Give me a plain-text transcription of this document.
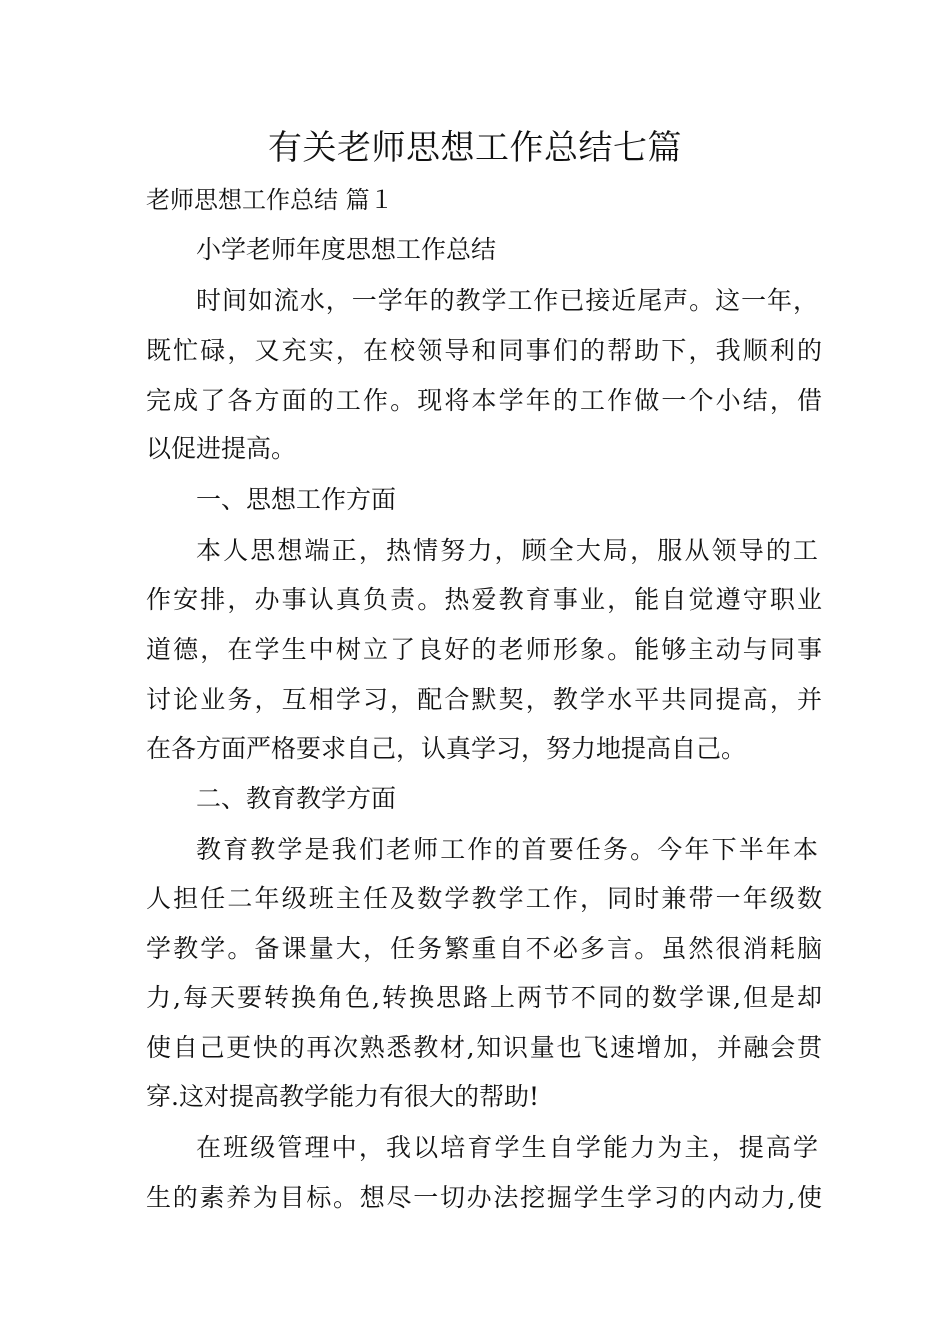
有关老师思想工作总结七篇

老师思想工作总结 篇１

小学老师年度思想工作总结

时间如流水，一学年的教学工作已接近尾声。这一年，

既忙碌，又充实，在校领导和同事们的帮助下，我顺利的

完成了各方面的工作。现将本学年的工作做一个小结，借

以促进提高。

一、思想工作方面

本人思想端正，热情努力，顾全大局，服从领导的工

作安排，办事认真负责。热爱教育事业，能自觉遵守职业

道德，在学生中树立了良好的老师形象。能够主动与同事

讨论业务，互相学习，配合默契，教学水平共同提高，并

在各方面严格要求自己，认真学习，努力地提高自己。

二、教育教学方面

教育教学是我们老师工作的首要任务。今年下半年本

人担任二年级班主任及数学教学工作，同时兼带一年级数

学教学。备课量大，任务繁重自不必多言。虽然很消耗脑

力,每天要转换角色,转换思路上两节不同的数学课,但是却

使自己更快的再次熟悉教材,知识量也飞速增加，并融会贯

穿.这对提高教学能力有很大的帮助!

在班级管理中，我以培育学生自学能力为主，提高学

生的素养为目标。想尽一切办法挖掘学生学习的内动力,使
